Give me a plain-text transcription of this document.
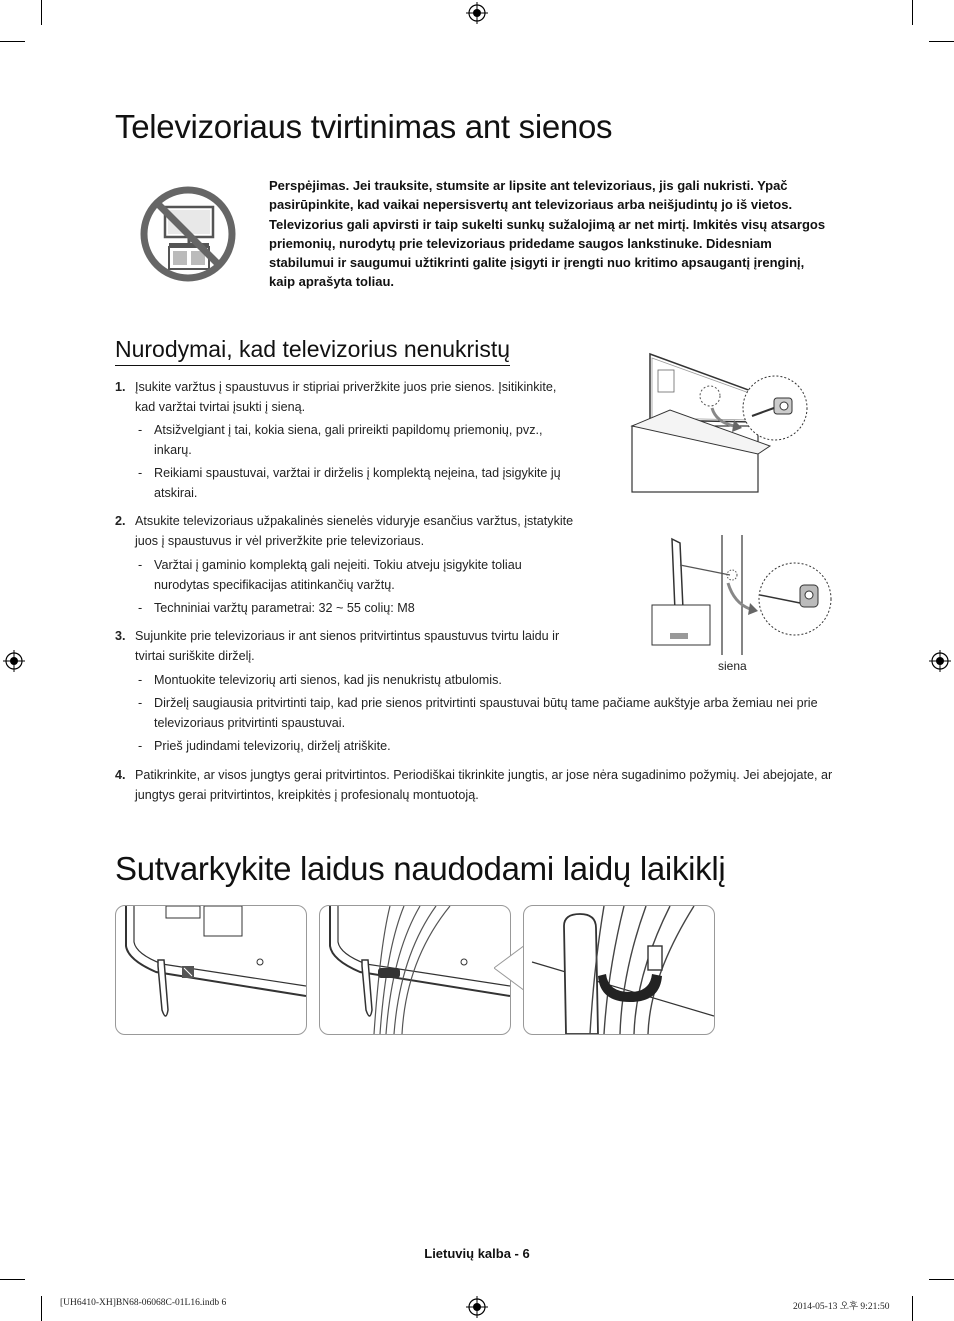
Televizoriaus tvirtinimas ant sienos
Perspėjimas. Jei trauksite, stumsite ar lipsite ant televizoriaus, jis gali nukristi. Ypač pasirūpinkite, kad vaikai nepersisvertų ant televizoriaus arba neišjudintų jo iš vietos. Televizorius gali apvirsti ir taip sukelti sunkų sužalojimą ar net mirtį. Imkitės visų atsargos priemonių, nurodytų prie televizoriaus pridedame saugos lankstinuke. Didesniam stabilumui ir saugumui užtikrinti galite įsigyti ir įrengti nuo kritimo apsaugantį įrenginį, kaip aprašyta toliau.
Nurodymai, kad televizorius nenukristų
1. Įsukite varžtus į spaustuvus ir stipriai priveržkite juos prie sienos. Įsitikinkite, kad varžtai tvirtai įsukti į sieną.
- Atsižvelgiant į tai, kokia siena, gali prireikti papildomų priemonių, pvz., inkarų.
- Reikiami spaustuvai, varžtai ir dirželis į komplektą neįeina, tad įsigykite jų atskirai.
2. Atsukite televizoriaus užpakalinės sienelės viduryje esančius varžtus, įstatykite juos į spaustuvus ir vėl priveržkite prie televizoriaus.
- Varžtai į gaminio komplektą gali neįeiti. Tokiu atveju įsigykite toliau nurodytas specifikacijas atitinkančių varžtų.
- Techniniai varžtų parametrai: 32 ~ 55 colių: M8
3. Sujunkite prie televizoriaus ir ant sienos pritvirtintus spaustuvus tvirtu laidu ir tvirtai suriškite dirželį.
- Montuokite televizorių arti sienos, kad jis nenukristų atbulomis.
- Dirželį saugiausia pritvirtinti taip, kad prie sienos pritvirtinti spaustuvai būtų tame pačiame aukštyje arba žemiau nei prie televizoriaus pritvirtinti spaustuvai.
- Prieš judindami televizorių, dirželį atriškite.
4. Patikrinkite, ar visos jungtys gerai pritvirtintos. Periodiškai tikrinkite jungtis, ar jose nėra sugadinimo požymių. Jei abejojate, ar jungtys gerai pritvirtintos, kreipkitės į profesionalų montuotoją.
siena
Sutvarkykite laidus naudodami laidų laikiklį
Lietuvių kalba - 6
[UH6410-XH]BN68-06068C-01L16.indb 6	2014-05-13 오후 9:21:50
